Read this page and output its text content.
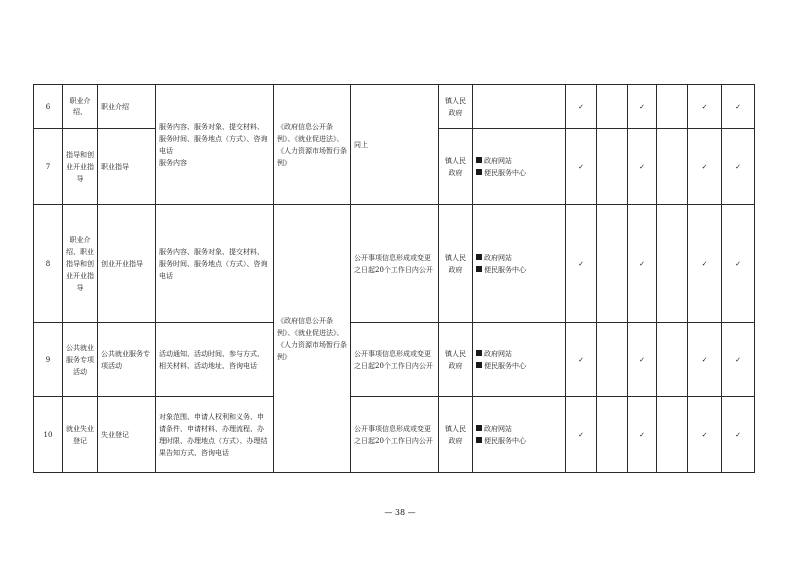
6	职业介绍、	职业介绍	服务内容、服务对象、提交材料、服务时间、服务地点（方式）、咨询电话
服务内容	《政府信息公开条例》、《就业促进法》、《人力资源市场暂行条例》	同上	镇人民政府		✓		✓		✓	✓
7	指导和创业开业指导	职业指导				镇人民政府	政府网站
便民服务中心	✓		✓		✓	✓
8	职业介绍、职业指导和创业开业指导	创业开业指导	服务内容、服务对象、提交材料、服务时间、服务地点（方式）、咨询电话	《政府信息公开条例》、《就业促进法》、《人力资源市场暂行条例》	公开事项信息形成或变更之日起20个工作日内公开	镇人民政府	政府网站
便民服务中心	✓		✓		✓	✓
9	公共就业服务专项活动	公共就业服务专项活动	活动通知、活动时间、参与方式、相关材料、活动地址、咨询电话		公开事项信息形成或变更之日起20个工作日内公开	镇人民政府	政府网站
便民服务中心	✓		✓		✓	✓
10	就业失业登记	失业登记	对象范围、申请人权利和义务、申请条件、申请材料、办理流程、办理时限、办理地点（方式）、办理结果告知方式、咨询电话		公开事项信息形成或变更之日起20个工作日内公开	镇人民政府	政府网站
便民服务中心	✓		✓		✓	✓
— 38 —
